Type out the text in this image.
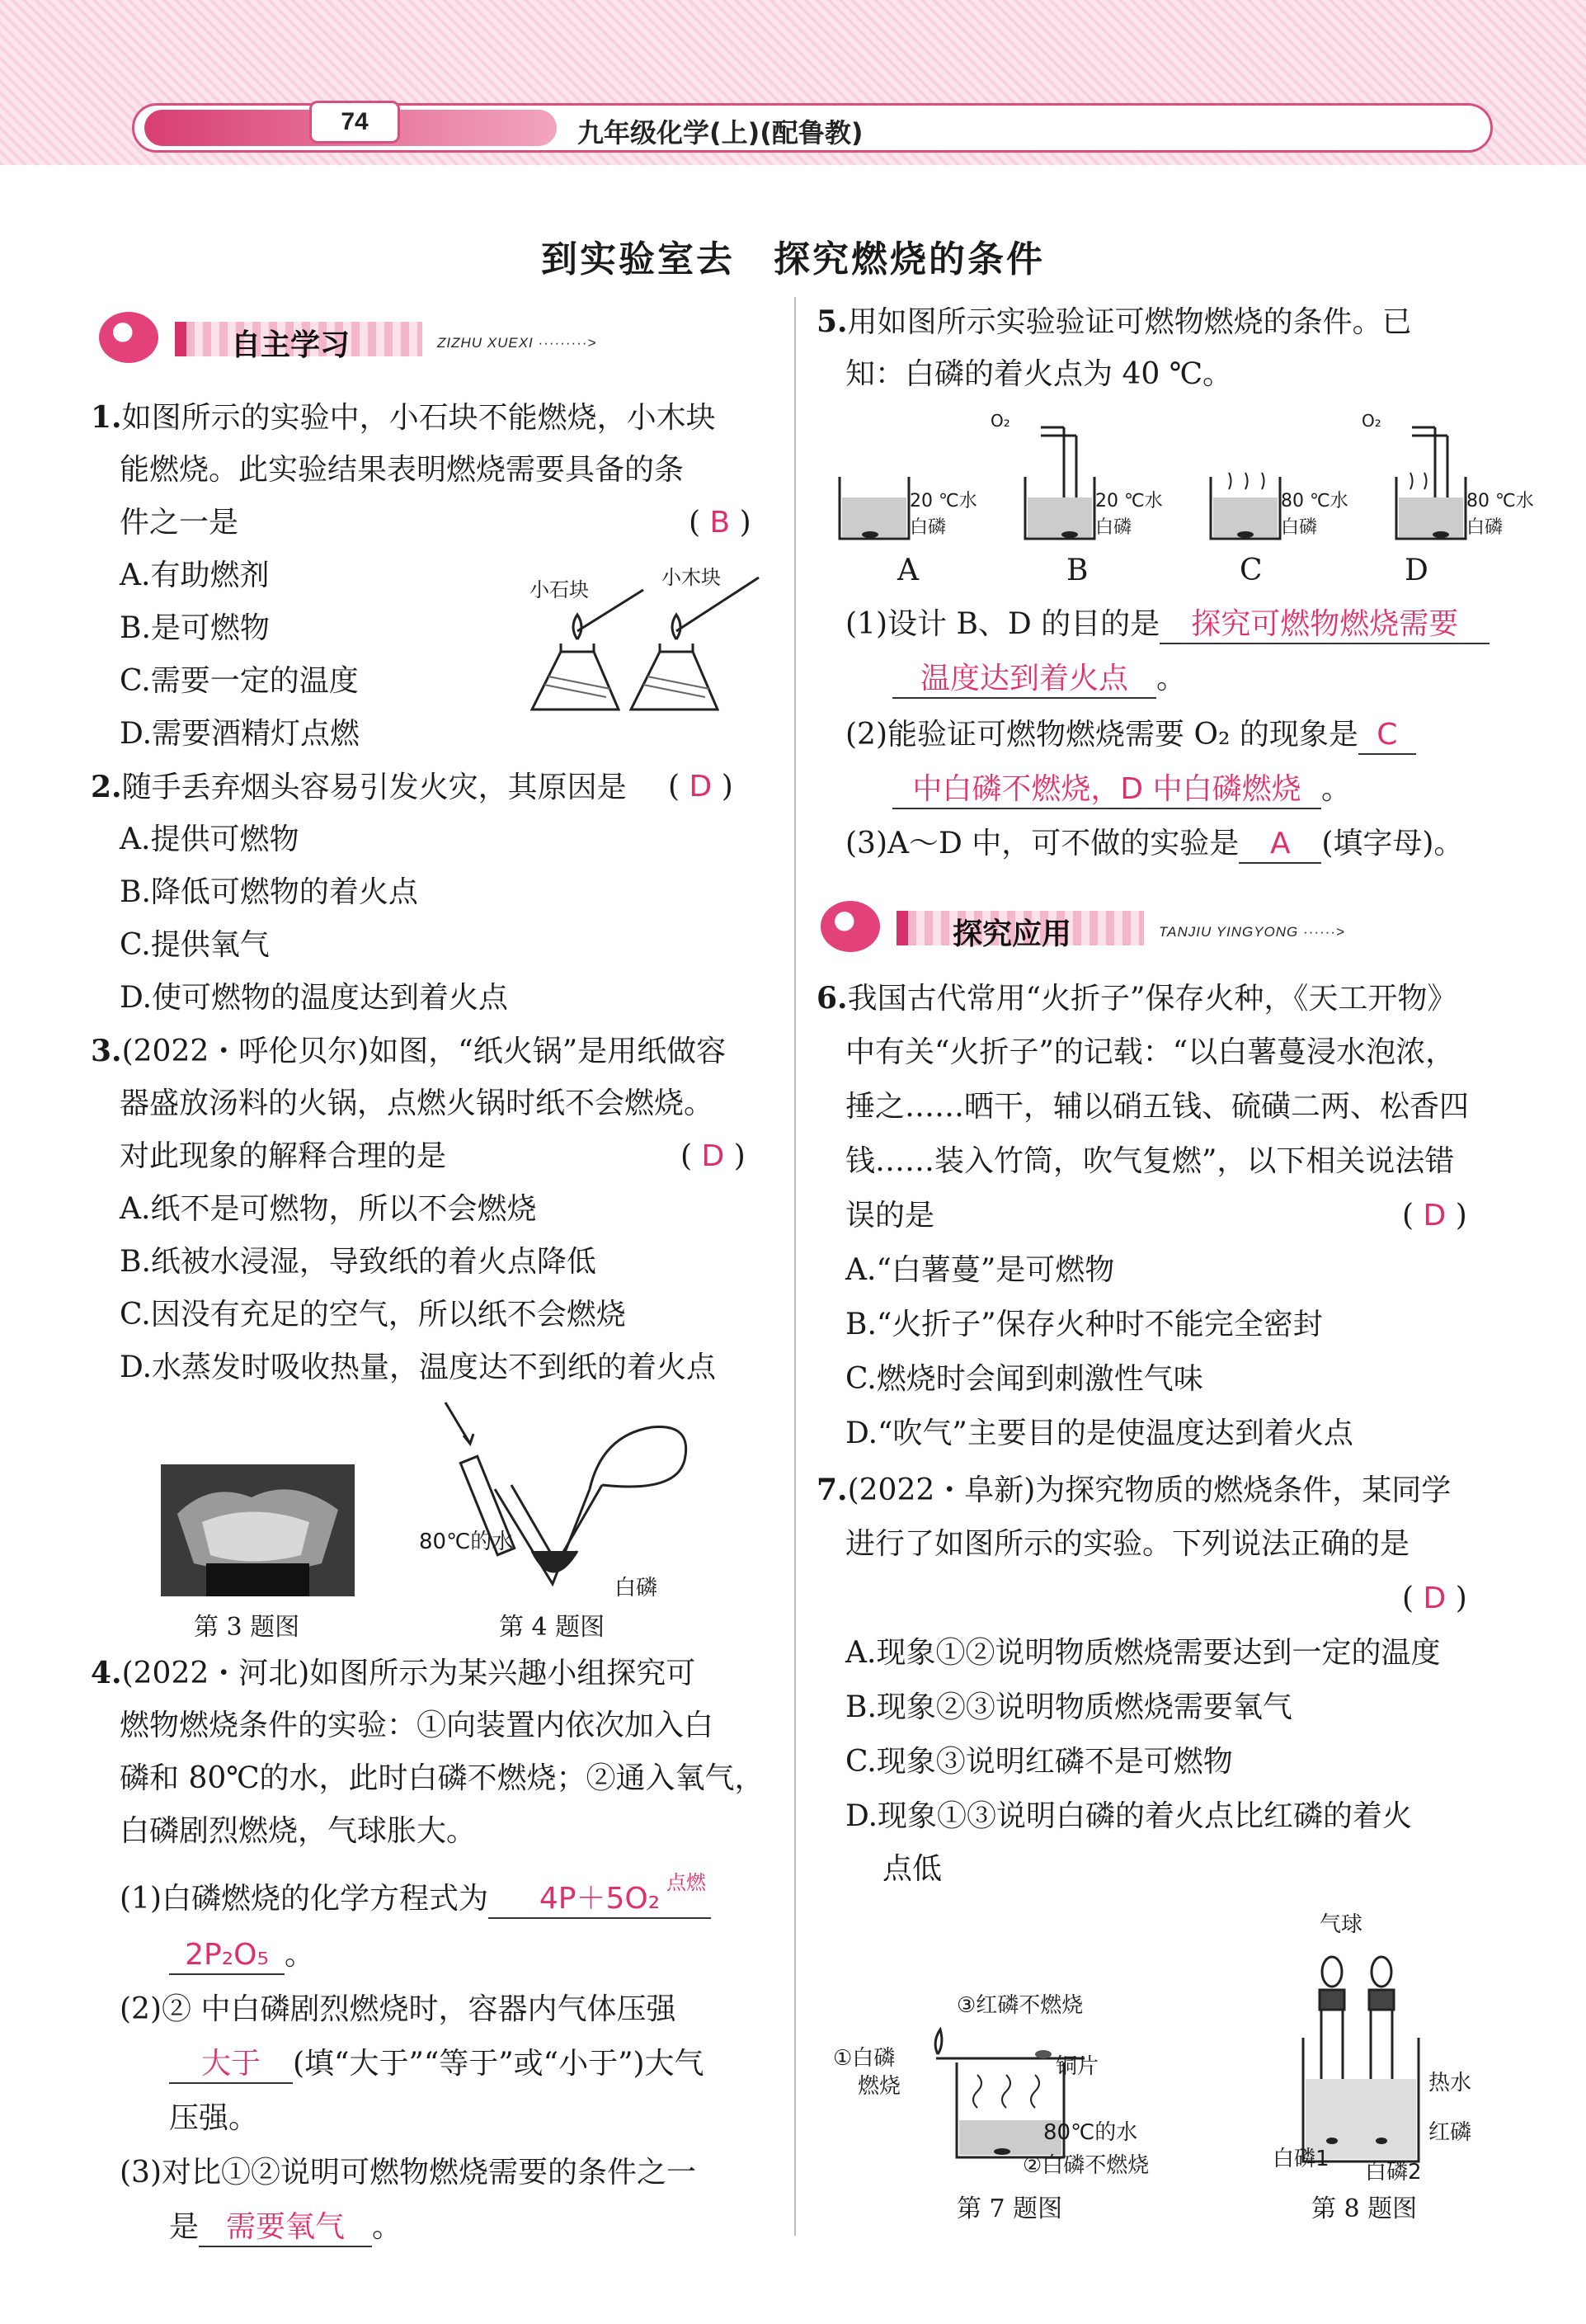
74	九年级化学(上)(配鲁教)
到实验室去　探究燃烧的条件
自主学习	ZIZHU XUEXI ·········>
1.如图所示的实验中，小石块不能燃烧，小木块
能燃烧。此实验结果表明燃烧需要具备的条
件之一是	( B )
A.有助燃剂
B.是可燃物
C.需要一定的温度
D.需要酒精灯点燃
小石块
小木块
2.随手丢弃烟头容易引发火灾，其原因是 ( D )
A.提供可燃物
B.降低可燃物的着火点
C.提供氧气
D.使可燃物的温度达到着火点
3.(2022・呼伦贝尔)如图，“纸火锅”是用纸做容
器盛放汤料的火锅，点燃火锅时纸不会燃烧。
对此现象的解释合理的是	( D )
A.纸不是可燃物，所以不会燃烧
B.纸被水浸湿，导致纸的着火点降低
C.因没有充足的空气，所以纸不会燃烧
D.水蒸发时吸收热量，温度达不到纸的着火点
第 3 题图
80℃的水
白磷
第 4 题图
4.(2022・河北)如图所示为某兴趣小组探究可
燃物燃烧条件的实验：①向装置内依次加入白
磷和 80℃的水，此时白磷不燃烧；②通入氧气，
白磷剧烈燃烧，气球胀大。
(1)白磷燃烧的化学方程式为 4P＋5O₂ 点燃
2P₂O₅ 。
(2)② 中白磷剧烈燃烧时，容器内气体压强
大于 (填“大于”“等于”或“小于”)大气
压强。
(3)对比①②说明可燃物燃烧需要的条件之一
是 需要氧气 。
5.用如图所示实验验证可燃物燃烧的条件。已
知：白磷的着火点为 40 ℃。
O₂	O₂
20 ℃水
白磷
20 ℃水
白磷
80 ℃水
白磷
80 ℃水
白磷
A	B	C	D
(1)设计 B、D 的目的是 探究可燃物燃烧需要
温度达到着火点 。
(2)能验证可燃物燃烧需要 O₂ 的现象是 C
中白磷不燃烧，D 中白磷燃烧 。
(3)A～D 中，可不做的实验是 A (填字母)。
探究应用	TANJIU YINGYONG ······>
6.我国古代常用“火折子”保存火种，《天工开物》
中有关“火折子”的记载：“以白薯蔓浸水泡浓，
捶之……晒干，辅以硝五钱、硫磺二两、松香四
钱……装入竹筒，吹气复燃”，以下相关说法错
误的是	( D )
A.“白薯蔓”是可燃物
B.“火折子”保存火种时不能完全密封
C.燃烧时会闻到刺激性气味
D.“吹气”主要目的是使温度达到着火点
7.(2022・阜新)为探究物质的燃烧条件，某同学
进行了如图所示的实验。下列说法正确的是
( D )
A.现象①②说明物质燃烧需要达到一定的温度
B.现象②③说明物质燃烧需要氧气
C.现象③说明红磷不是可燃物
D.现象①③说明白磷的着火点比红磷的着火
点低
①白磷
燃烧
③红磷不燃烧
铜片
80℃的水
②白磷不燃烧
第 7 题图
气球
热水
红磷
白磷1
白磷2
第 8 题图
